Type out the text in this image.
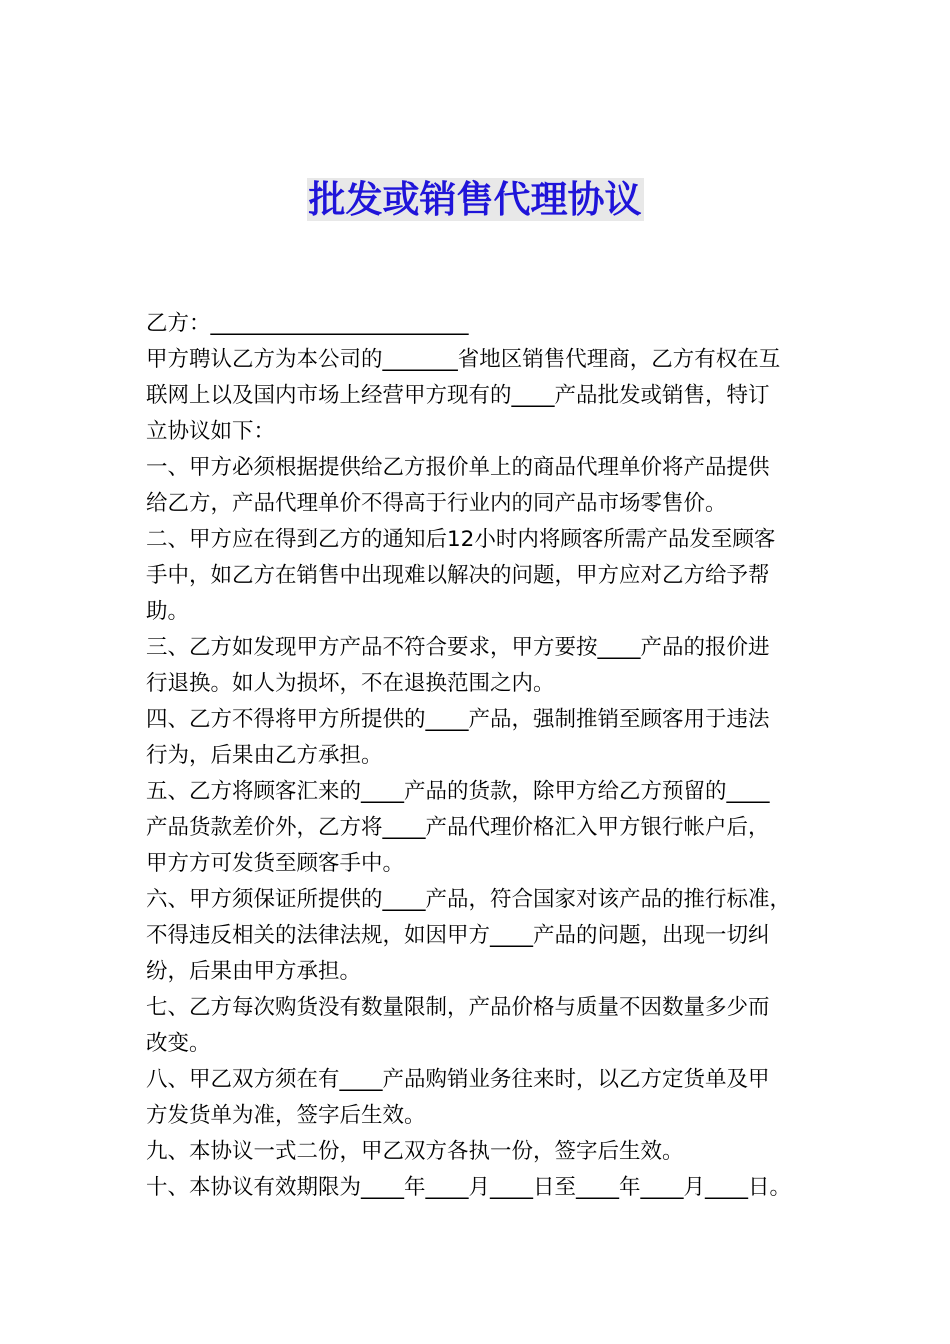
批发或销售代理协议
乙方：________________________
甲方聘认乙方为本公司的_______省地区销售代理商，乙方有权在互
联网上以及国内市场上经营甲方现有的____产品批发或销售，特订
立协议如下：
一、甲方必须根据提供给乙方报价单上的商品代理单价将产品提供
给乙方，产品代理单价不得高于行业内的同产品市场零售价。
二、甲方应在得到乙方的通知后12小时内将顾客所需产品发至顾客
手中，如乙方在销售中出现难以解决的问题，甲方应对乙方给予帮
助。
三、乙方如发现甲方产品不符合要求，甲方要按____产品的报价进
行退换。如人为损坏，不在退换范围之内。
四、乙方不得将甲方所提供的____产品，强制推销至顾客用于违法
行为，后果由乙方承担。
五、乙方将顾客汇来的____产品的货款，除甲方给乙方预留的____
产品货款差价外，乙方将____产品代理价格汇入甲方银行帐户后，
甲方方可发货至顾客手中。
六、甲方须保证所提供的____产品，符合国家对该产品的推行标准，
不得违反相关的法律法规，如因甲方____产品的问题，出现一切纠
纷，后果由甲方承担。
七、乙方每次购货没有数量限制，产品价格与质量不因数量多少而
改变。
八、甲乙双方须在有____产品购销业务往来时，以乙方定货单及甲
方发货单为准，签字后生效。
九、本协议一式二份，甲乙双方各执一份，签字后生效。
十、本协议有效期限为____年____月____日至____年____月____日。
